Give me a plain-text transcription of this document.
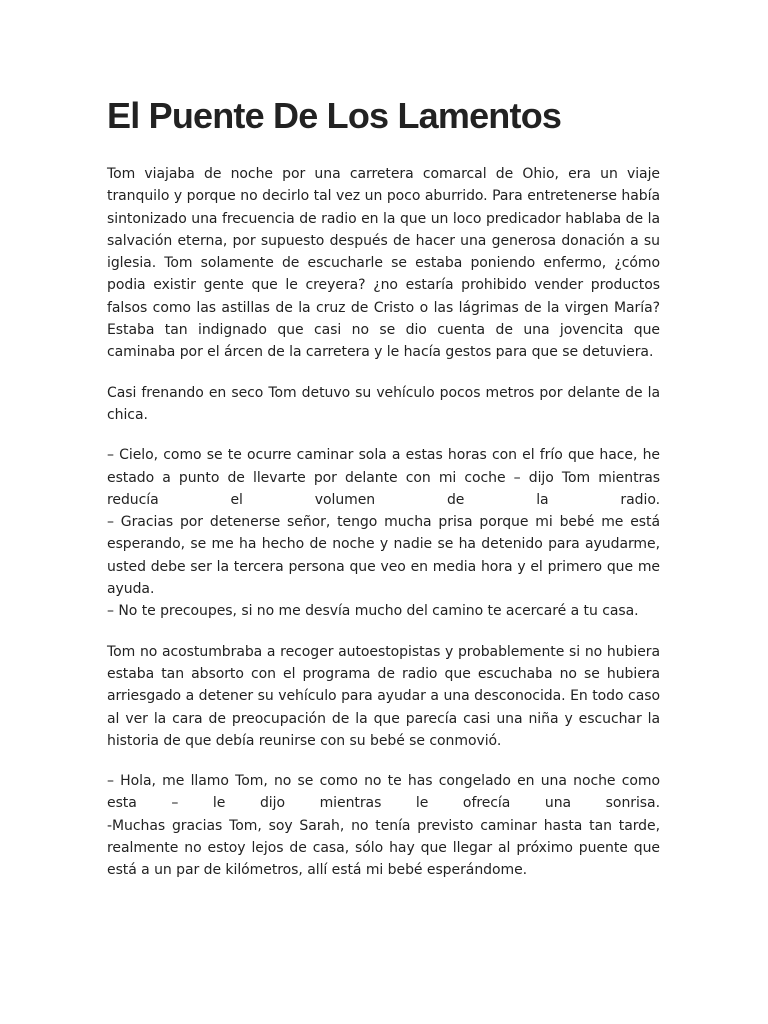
El Puente De Los Lamentos

Tom viajaba de noche por una carretera comarcal de Ohio, era un viaje tranquilo y porque no decirlo tal vez un poco aburrido. Para entretenerse había sintonizado una frecuencia de radio en la que un loco predicador hablaba de la salvación eterna, por supuesto después de hacer una generosa donación a su iglesia. Tom solamente de escucharle se estaba poniendo enfermo, ¿cómo podia existir gente que le creyera? ¿no estaría prohibido vender productos falsos como las astillas de la cruz de Cristo o las lágrimas de la virgen María? Estaba tan indignado que casi no se dio cuenta de una jovencita que caminaba por el árcen de la carretera y le hacía gestos para que se detuviera.

Casi frenando en seco Tom detuvo su vehículo pocos metros por delante de la chica.

– Cielo, como se te ocurre caminar sola a estas horas con el frío que hace, he estado a punto de llevarte por delante con mi coche – dijo Tom mientras reducía el volumen de la radio.

– Gracias por detenerse señor, tengo mucha prisa porque mi bebé me está esperando, se me ha hecho de noche y nadie se ha detenido para ayudarme, usted debe ser la tercera persona que veo en media hora y el primero que me ayuda.

– No te precoupes, si no me desvía mucho del camino te acercaré a tu casa.

Tom no acostumbraba a recoger autoestopistas y probablemente si no hubiera estaba tan absorto con el programa de radio que escuchaba no se hubiera arriesgado a detener su vehículo para ayudar a una desconocida. En todo caso al ver la cara de preocupación de la que parecía casi una niña y escuchar la historia de que debía reunirse con su bebé se conmovió.

– Hola, me llamo Tom, no se como no te has congelado en una noche como esta – le dijo mientras le ofrecía una sonrisa.

-Muchas gracias Tom, soy Sarah, no tenía previsto caminar hasta tan tarde, realmente no estoy lejos de casa, sólo hay que llegar al próximo puente que está a un par de kilómetros, allí está mi bebé esperándome.
